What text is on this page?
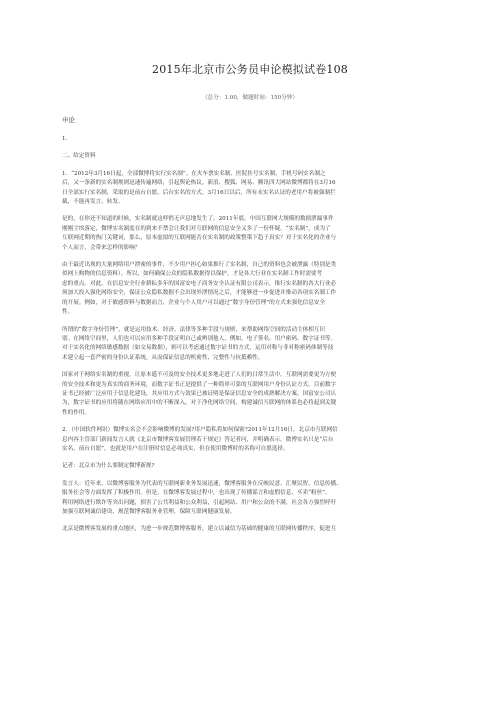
2015年北京市公务员申论模拟试卷108
（总分：1.00，做题时间：150分钟）
申论
1.
二、给定资料
1．“2012年3月16日起，全部微博将实行实名制”。在火车票实名制、医院挂号实名制、手机号码实名制之
后，又一条新的实名制规则迅速传遍网络，引起舆论热议。新浪、搜狐、网易、腾讯四大网站微博都将在3月16
日全部实行实名制，采取的是前台自愿，后台实名的方式。3月16日以后，所有未实名认证的老用户将被强制拦
截，不能再发言、转发。
是的，在你还不知道的时候，实名制就这样悄无声息地发生了。2011年底，中国互联网大规模的数据泄漏事件
刚刚尘埃落定，微博实名制度在的到来不禁会让我们对互联网的信息安全又多了一份怀疑。“实名制”，成为了
互联网近期的热门关键词，那么，原本虚拟的互联网能否在实名制的政策整策下趋于真实？对于实名化的企业与
个人而言，会带来怎样的影响？
由于最近出现的大量网络用户泄密的事件，不少用户担心如果推行了实名制，自己的资料也会被泄露（特别是类
似网上购物的信息资料）。所以，如何确保公众的隐私数据得以保护，才是各大行业在实名制工作时需要考
虑的重点。对此，在信息安全行业耕耘多年的国富安电子商务安全认证有限公司表示，推行实名制的各大行业必
须加大投入强化网络安全，保证公众隐私数据不会出现外泄情况之后，才能够进一步促进并推动各项实名制工作
的开展。例如，对于敏感资料与数据而言，企业与个人用户可以通过“数字身份管理”的方式来强化信息安全
性。
所谓的“数字身份管理”，就是运用技术、经济、法律等多种手段与规则，来帮助网络空间的活动主体相互识
别。在网络空间里，人们也可以应用多种手段证明自己或辨别他人，例如，电子签名、用户密码、数字证书等。
对于实名化的网络敏感数据（如交易数据），则可以考虑通过数字证书的方式，运用对称与非对称密码体制等技
术建立起一套严密的身份认证系统，从而保证信息的机密性、完整性与抗抵赖性。
国家对于网络实名制的重视，让原本遥不可及的安全技术更多地走进了人们的日常生活中。互联网需要更为方便
的安全技术和更为真实的商务环境，而数字证书正是提供了一种简单可靠的互联网用户身份认证方式。目前数字
证书已经被广泛应用于信息化建设，其应用方式与效果已被证明是保证信息安全的成熟解决方案。国富安公司认
为，数字证书的应用将随在网络应用中的不断深入，对于净化网络空间，构建诚信互联网的体系也必将起到关键
性的作用。
2．（中国软件网讯）微博实名会不会影响微博的发展?用户隐私将如何保密?2011年12月16日，北京市互联网信
息内容主管部门新闻发言人就《北京市微博客发展管理若干规定》答记者问，并明确表示，微博实名只是“后台
实名、前台自愿”，也就是用户在注册时信息必须真实，但在使用微博时的名称可自愿选择。
记者：北京市为什么要制定微博新规?
发言人：近年来，以微博客服务为代表的互联网新业务发展迅速，微博客服务在反映民意、汇聚民智，信息传播、
服务社会等方面发挥了积极作用。但是，在微博客发展过程中，也出现了传播谣言和虚假信息，买卖“粉丝”、
利用网络进行欺诈等突出问题，损害了公共利益和公众利益，引起网站、用户和公众的不满，社会各方强烈呼吁
加强互联网诚信建设，规范微博客服务业管理，保障互联网健康发展。
北京是微博客发展的重点地区，为进一步规范微博客服务，建立以诚信为基础的健康的互联网传播秩序，促进互
